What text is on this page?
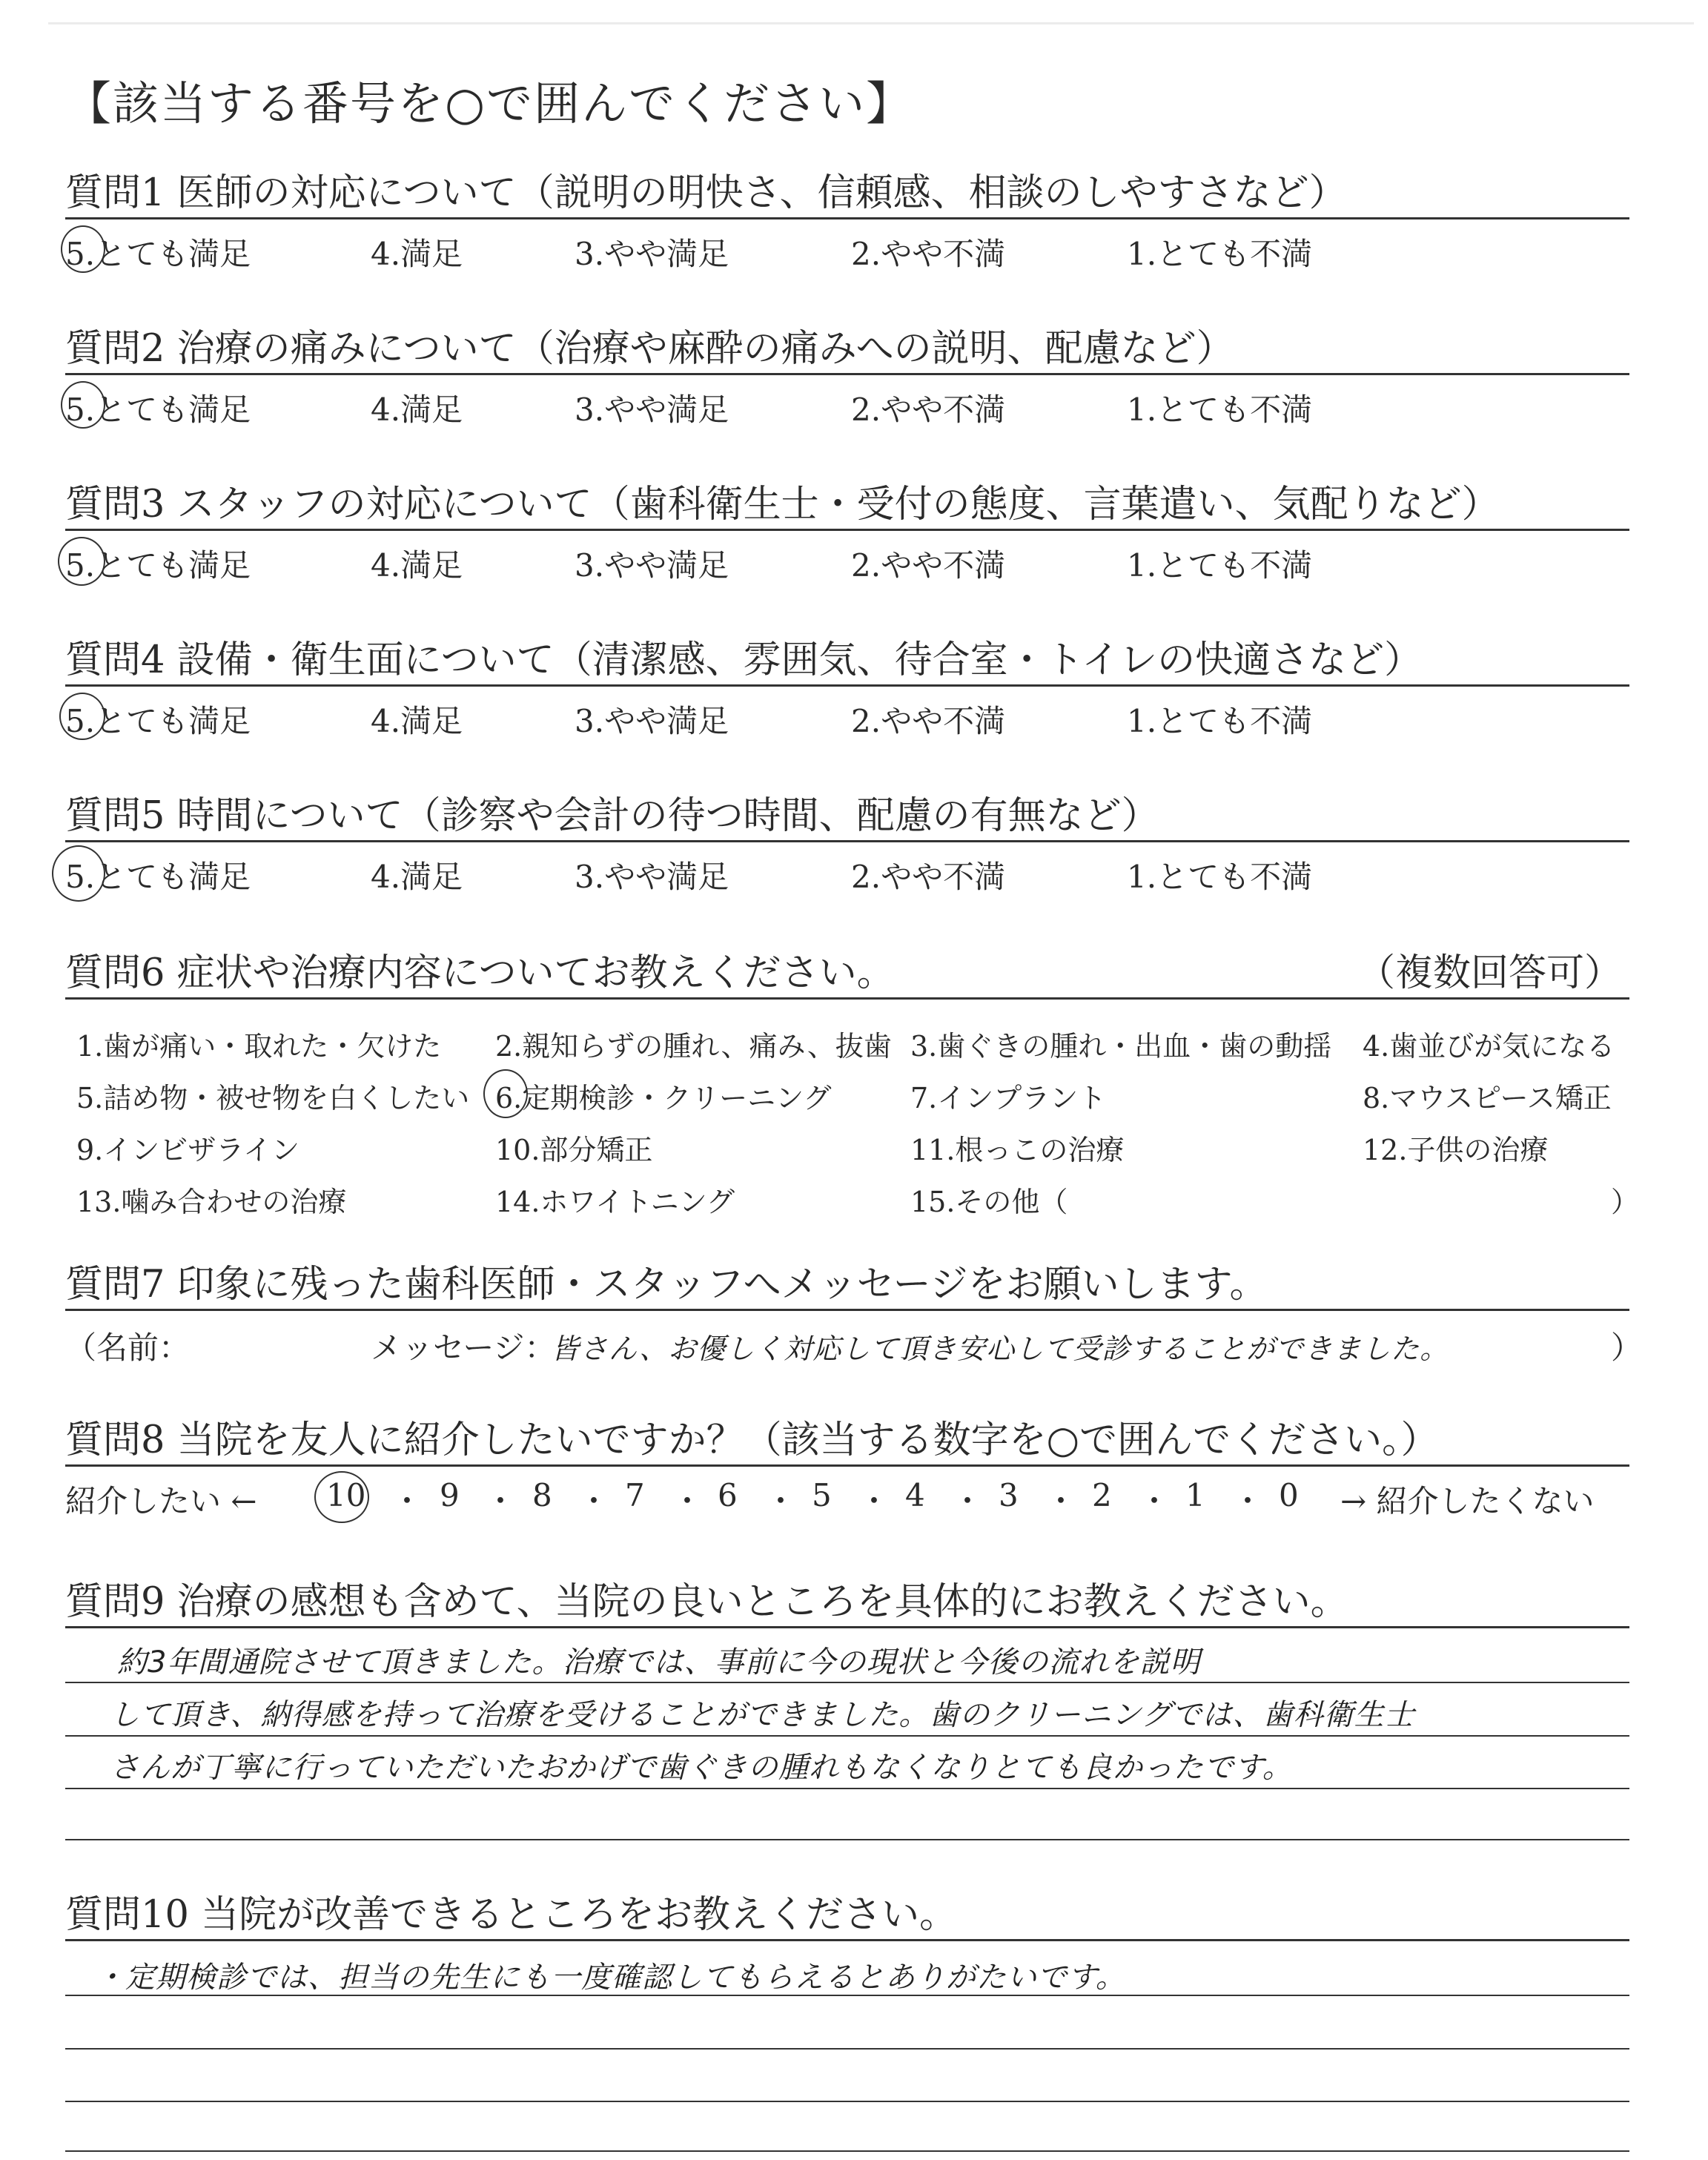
【該当する番号を○で囲んでください】
質問1 医師の対応について（説明の明快さ、信頼感、相談のしやすさなど）
5.とても満足	4.満足	3.やや満足	2.やや不満	1.とても不満
質問2 治療の痛みについて（治療や麻酔の痛みへの説明、配慮など）
5.とても満足	4.満足	3.やや満足	2.やや不満	1.とても不満
質問3 スタッフの対応について（歯科衛生士・受付の態度、言葉遣い、気配りなど）
5.とても満足	4.満足	3.やや満足	2.やや不満	1.とても不満
質問4 設備・衛生面について（清潔感、雰囲気、待合室・トイレの快適さなど）
5.とても満足	4.満足	3.やや満足	2.やや不満	1.とても不満
質問5 時間について（診察や会計の待つ時間、配慮の有無など）
5.とても満足	4.満足	3.やや満足	2.やや不満	1.とても不満
質問6 症状や治療内容についてお教えください。	（複数回答可）
1.歯が痛い・取れた・欠けた 2.親知らずの腫れ、痛み、抜歯 3.歯ぐきの腫れ・出血・歯の動揺 4.歯並びが気になる
5.詰め物・被せ物を白くしたい 6.定期検診・クリーニング	7.インプラント	8.マウスピース矯正
9.インビザライン	10.部分矯正	11.根っこの治療	12.子供の治療
13.噛み合わせの治療	14.ホワイトニング	15.その他（	）
質問7 印象に残った歯科医師・スタッフへメッセージをお願いします。
（名前：	メッセージ：
皆さん、お優しく対応して頂き安心して受診することができました。	）
質問8 当院を友人に紹介したいですか？（該当する数字を○で囲んでください。）
紹介したい ← 10 ・ 9 ・ 8 ・ 7 ・ 6 ・ 5 ・ 4 ・ 3 ・ 2 ・ 1 ・ 0 → 紹介したくない
質問9 治療の感想も含めて、当院の良いところを具体的にお教えください。
約3年間通院させて頂きました。治療では、事前に今の現状と今後の流れを説明
して頂き、納得感を持って治療を受けることができました。歯のクリーニングでは、歯科衛生士
さんが丁寧に行っていただいたおかげで歯ぐきの腫れもなくなりとても良かったです。
質問10 当院が改善できるところをお教えください。
・定期検診では、担当の先生にも一度確認してもらえるとありがたいです。
